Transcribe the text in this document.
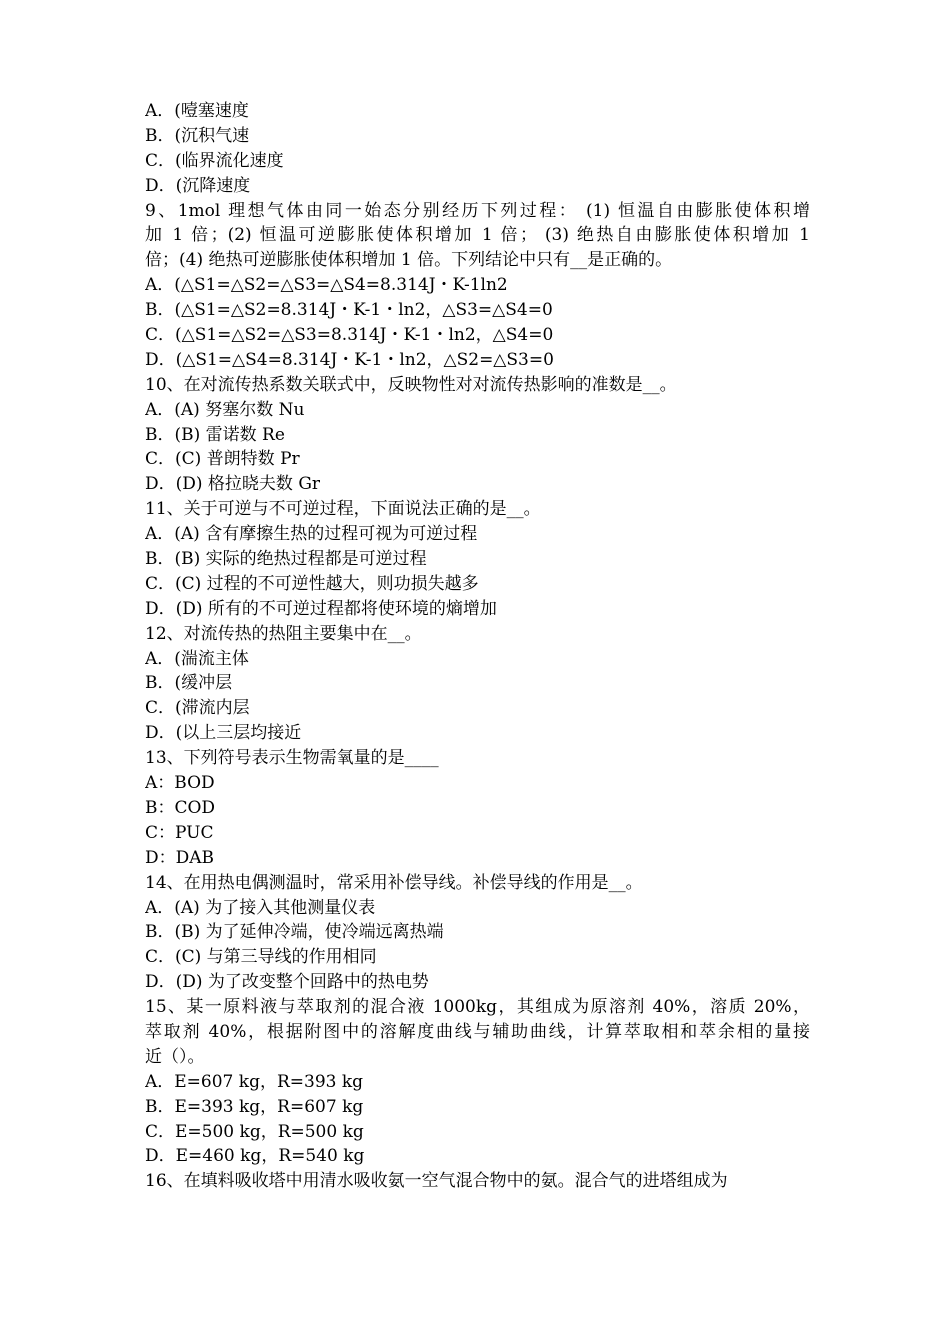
A．(噎塞速度
B．(沉积气速
C．(临界流化速度
D．(沉降速度
9、1mol 理想气体由同一始态分别经历下列过程： (1) 恒温自由膨胀使体积增
加 1 倍；(2) 恒温可逆膨胀使体积增加 1 倍； (3) 绝热自由膨胀使体积增加 1
倍；(4) 绝热可逆膨胀使体积增加 1 倍。下列结论中只有__是正确的。
A．(△S1=△S2=△S3=△S4=8.314J・K-1ln2
B．(△S1=△S2=8.314J・K-1・ln2，△S3=△S4=0
C．(△S1=△S2=△S3=8.314J・K-1・ln2，△S4=0
D．(△S1=△S4=8.314J・K-1・ln2，△S2=△S3=0
10、在对流传热系数关联式中，反映物性对对流传热影响的准数是__。
A．(A) 努塞尔数 Nu
B．(B) 雷诺数 Re
C．(C) 普朗特数 Pr
D．(D) 格拉晓夫数 Gr
11、关于可逆与不可逆过程，下面说法正确的是__。
A．(A) 含有摩擦生热的过程可视为可逆过程
B．(B) 实际的绝热过程都是可逆过程
C．(C) 过程的不可逆性越大，则功损失越多
D．(D) 所有的不可逆过程都将使环境的熵增加
12、对流传热的热阻主要集中在__。
A．(湍流主体
B．(缓冲层
C．(滞流内层
D．(以上三层均接近
13、下列符号表示生物需氧量的是____
A：BOD
B：COD
C：PUC
D：DAB
14、在用热电偶测温时，常采用补偿导线。补偿导线的作用是__。
A．(A) 为了接入其他测量仪表
B．(B) 为了延伸冷端，使冷端远离热端
C．(C) 与第三导线的作用相同
D．(D) 为了改变整个回路中的热电势
15、某一原料液与萃取剂的混合液 1000kg，其组成为原溶剂 40%，溶质 20%，
萃取剂 40%，根据附图中的溶解度曲线与辅助曲线，计算萃取相和萃余相的量接
近（）。
A．E=607 kg，R=393 kg
B．E=393 kg，R=607 kg
C．E=500 kg，R=500 kg
D．E=460 kg，R=540 kg
16、在填料吸收塔中用清水吸收氨一空气混合物中的氨。混合气的进塔组成为
